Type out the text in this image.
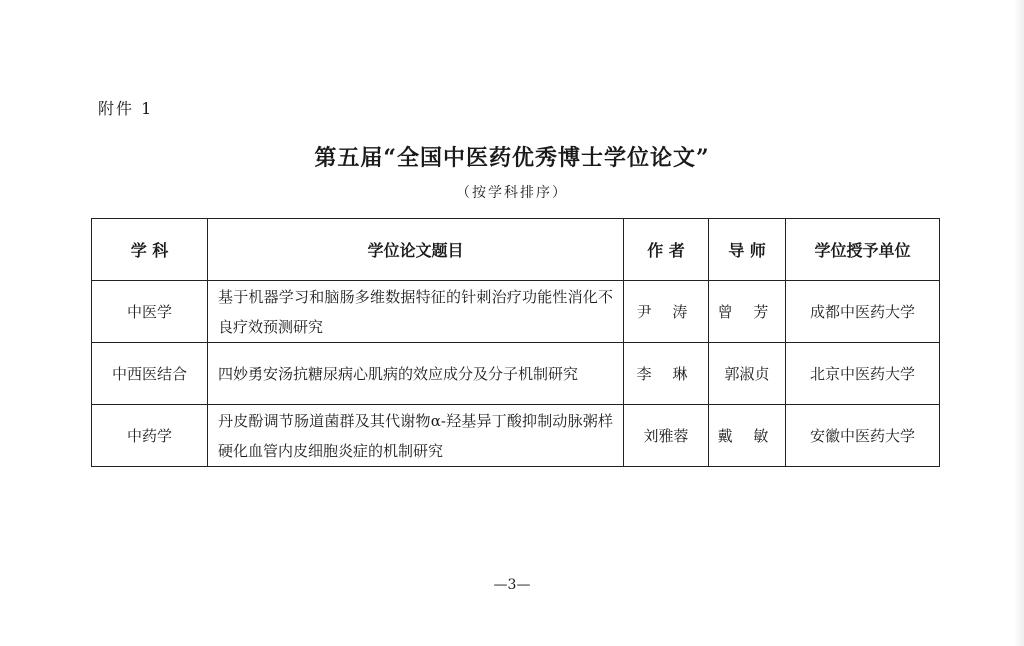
附件 1
第五届“全国中医药优秀博士学位论文”
（按学科排序）
学 科	学位论文题目	作 者	导 师	学位授予单位
中医学	基于机器学习和脑肠多维数据特征的针刺治疗功能性消化不良疗效预测研究	尹 涛	曾 芳	成都中医药大学
中西医结合	四妙勇安汤抗糖尿病心肌病的效应成分及分子机制研究	李 琳	郭淑贞	北京中医药大学
中药学	丹皮酚调节肠道菌群及其代谢物α-羟基异丁酸抑制动脉粥样硬化血管内皮细胞炎症的机制研究	刘雅蓉	戴 敏	安徽中医药大学
—3—
